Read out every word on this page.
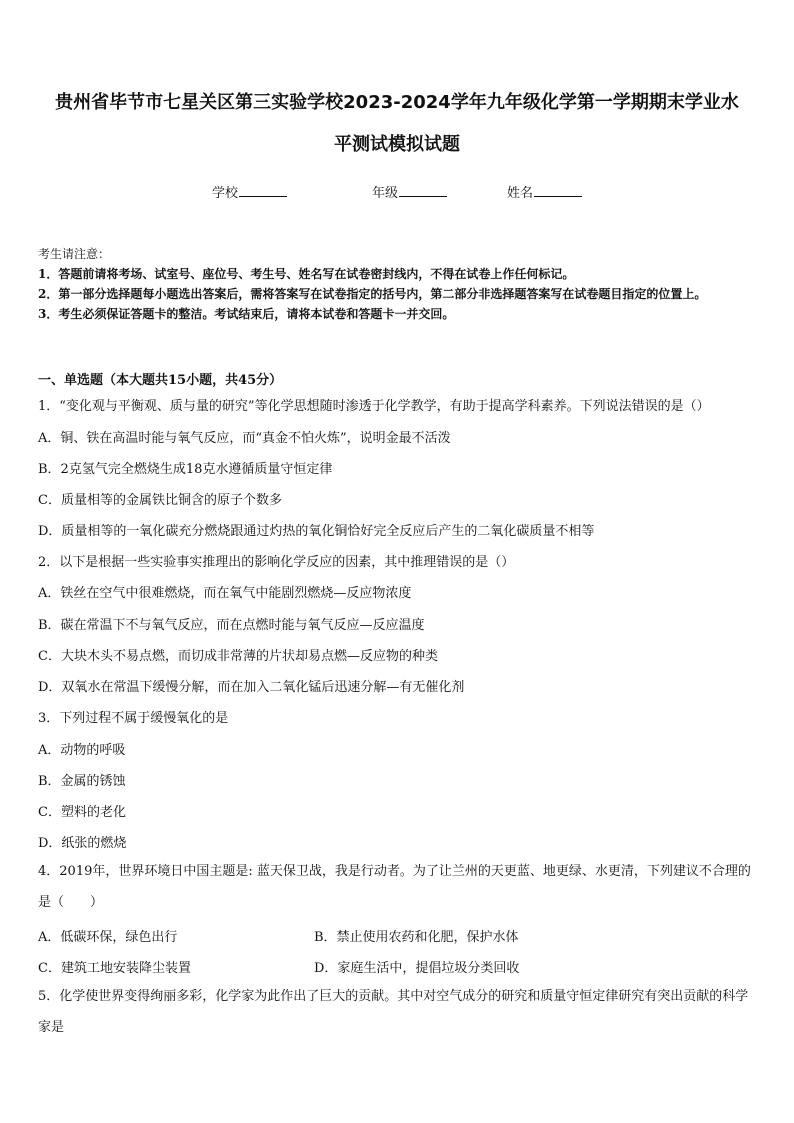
贵州省毕节市七星关区第三实验学校2023-2024学年九年级化学第一学期期末学业水
平测试模拟试题
学校	年级	姓名
考生请注意：
1．答题前请将考场、试室号、座位号、考生号、姓名写在试卷密封线内，不得在试卷上作任何标记。
2．第一部分选择题每小题选出答案后，需将答案写在试卷指定的括号内，第二部分非选择题答案写在试卷题目指定的位置上。
3．考生必须保证答题卡的整洁。考试结束后，请将本试卷和答题卡一并交回。
一、单选题（本大题共15小题，共45分）
1．“变化观与平衡观、质与量的研究”等化学思想随时渗透于化学教学，有助于提高学科素养。下列说法错误的是（）
A．铜、铁在高温时能与氧气反应，而“真金不怕火炼”，说明金最不活泼
B．2克氢气完全燃烧生成18克水遵循质量守恒定律
C．质量相等的金属铁比铜含的原子个数多
D．质量相等的一氧化碳充分燃烧跟通过灼热的氧化铜恰好完全反应后产生的二氧化碳质量不相等
2．以下是根据一些实验事实推理出的影响化学反应的因素，其中推理错误的是（）
A．铁丝在空气中很难燃烧，而在氧气中能剧烈燃烧—反应物浓度
B．碳在常温下不与氧气反应，而在点燃时能与氧气反应—反应温度
C．大块木头不易点燃，而切成非常薄的片状却易点燃—反应物的种类
D．双氧水在常温下缓慢分解，而在加入二氧化锰后迅速分解—有无催化剂
3．下列过程不属于缓慢氧化的是
A．动物的呼吸
B．金属的锈蚀
C．塑料的老化
D．纸张的燃烧
4．2019年，世界环境日中国主题是: 蓝天保卫战，我是行动者。为了让兰州的天更蓝、地更绿、水更清，下列建议不合理的是（　　）
A．低碳环保，绿色出行	B．禁止使用农药和化肥，保护水体
C．建筑工地安装降尘装置	D．家庭生活中，提倡垃圾分类回收
5．化学使世界变得绚丽多彩，化学家为此作出了巨大的贡献。其中对空气成分的研究和质量守恒定律研究有突出贡献的科学家是
